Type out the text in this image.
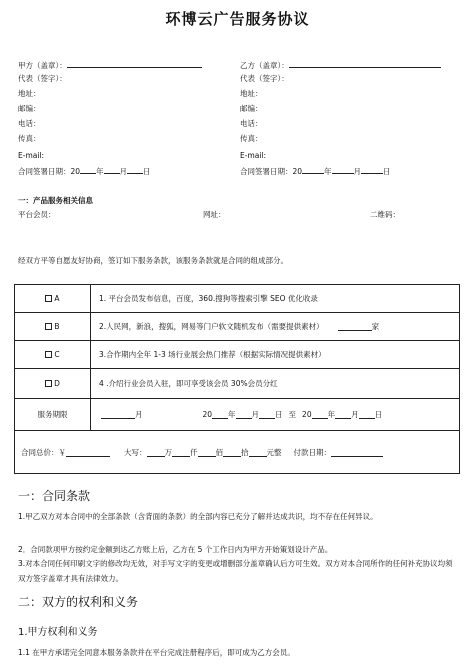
环博云广告服务协议
甲方（盖章）：
代表（签字）：
地址：
邮编：
电话：
传真：
E-mail:
合同签署日期：20 年 月 日
乙方（盖章）：
代表（签字）：
地址：
邮编：
电话：
传真：
E-mail:
合同签署日期：20	年	月	日
一：产品服务相关信息
平台会员：	网址：	二维码：
经双方平等自愿友好协商，签订如下服务条款，该服务条款就是合同的组成部分。
A	1. 平台会员发布信息，百度，360.搜狗等搜索引擎 SEO 优化收录
B	2.人民网，新浪，搜狐，网易等门户软文随机发布（需要提供素材）	家
C	3.合作期内全年 1-3 场行业展会热门推荐（根据实际情况提供素材）
D	4 .介绍行业会员入驻，即可享受该会员 30%会员分红
服务期限	月	20 年 月 日 至 20 年 月 日
合同总价：￥	大写： 万 仟 佰 拾 元整 付款日期：
一：合同条款
1.甲乙双方对本合同中的全部条款（含背面的条款）的全部内容已充分了解并达成共识，均不存在任何异议。
2．合同款项甲方按约定金额到达乙方账上后，乙方在 5 个工作日内为甲方开始策划设计产品。
3.对本合同任何印刷文字的修改均无效，对手写文字的变更或增删部分盖章确认后方可生效。双方对本合同所作的任何补充协议均须双方签字盖章才具有法律效力。
二：双方的权利和义务
1.甲方权利和义务
1.1 在甲方承诺完全同意本服务条款并在平台完成注册程序后，即可成为乙方会员。
